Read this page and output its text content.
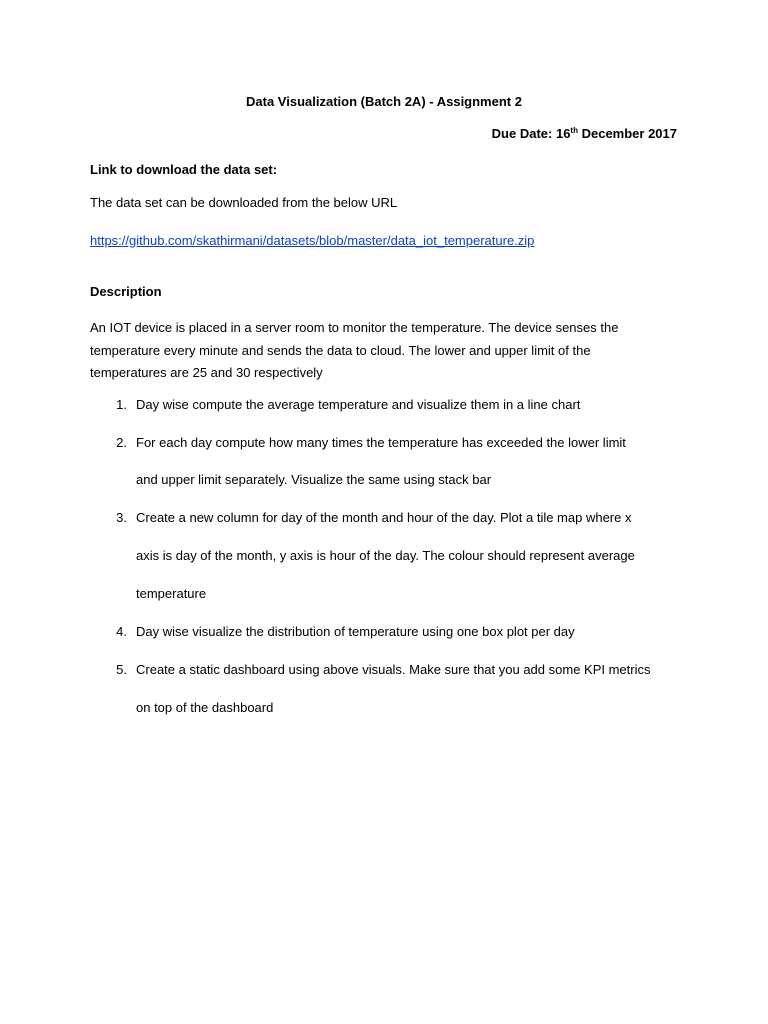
Data Visualization (Batch 2A) - Assignment 2
Due Date: 16th December 2017
Link to download the data set:
The data set can be downloaded from the below URL
https://github.com/skathirmani/datasets/blob/master/data_iot_temperature.zip
Description
An IOT device is placed in a server room to monitor the temperature. The device senses the
temperature every minute and sends the data to cloud. The lower and upper limit of the
temperatures are 25 and 30 respectively
1. Day wise compute the average temperature and visualize them in a line chart
2. For each day compute how many times the temperature has exceeded the lower limit
and upper limit separately. Visualize the same using stack bar
3. Create a new column for day of the month and hour of the day. Plot a tile map where x
axis is day of the month, y axis is hour of the day. The colour should represent average
temperature
4. Day wise visualize the distribution of temperature using one box plot per day
5. Create a static dashboard using above visuals. Make sure that you add some KPI metrics
on top of the dashboard
